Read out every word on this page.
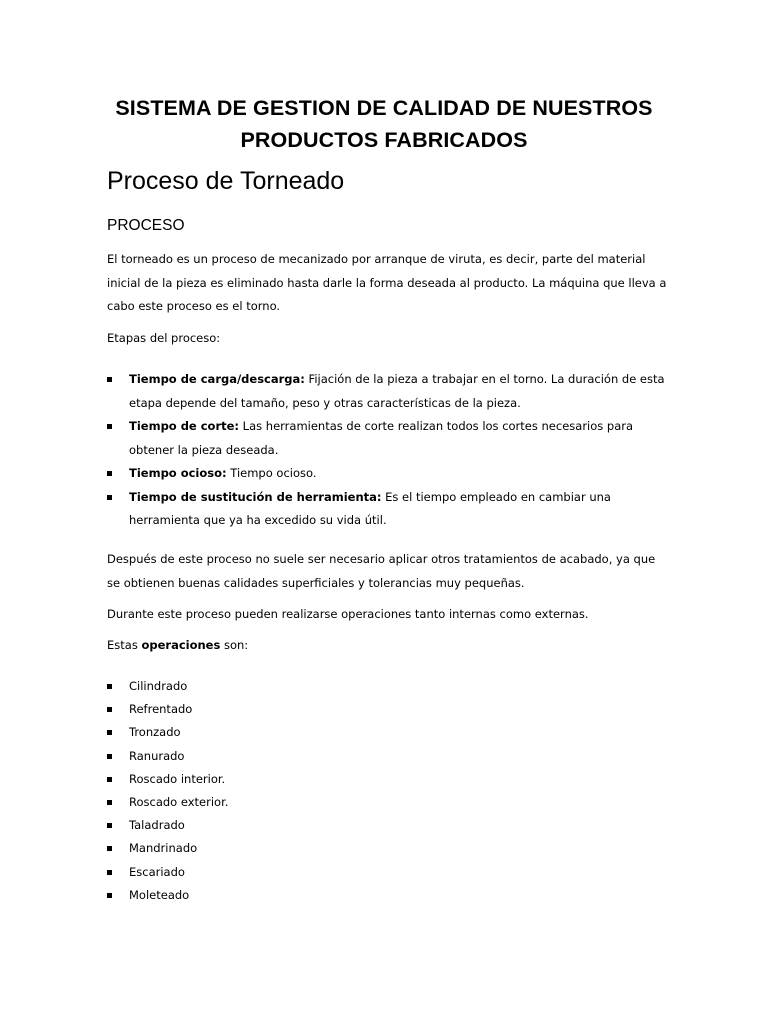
SISTEMA DE GESTION DE CALIDAD DE NUESTROS PRODUCTOS FABRICADOS
Proceso de Torneado
PROCESO

El torneado es un proceso de mecanizado por arranque de viruta, es decir, parte del material inicial de la pieza es eliminado hasta darle la forma deseada al producto. La máquina que lleva a cabo este proceso es el torno.

Etapas del proceso:

Tiempo de carga/descarga: Fijación de la pieza a trabajar en el torno. La duración de esta etapa depende del tamaño, peso y otras características de la pieza.
Tiempo de corte: Las herramientas de corte realizan todos los cortes necesarios para obtener la pieza deseada.
Tiempo ocioso: Tiempo ocioso.
Tiempo de sustitución de herramienta: Es el tiempo empleado en cambiar una herramienta que ya ha excedido su vida útil.

Después de este proceso no suele ser necesario aplicar otros tratamientos de acabado, ya que se obtienen buenas calidades superficiales y tolerancias muy pequeñas.

Durante este proceso pueden realizarse operaciones tanto internas como externas.

Estas operaciones son:

Cilindrado
Refrentado
Tronzado
Ranurado
Roscado interior.
Roscado exterior.
Taladrado
Mandrinado
Escariado
Moleteado
